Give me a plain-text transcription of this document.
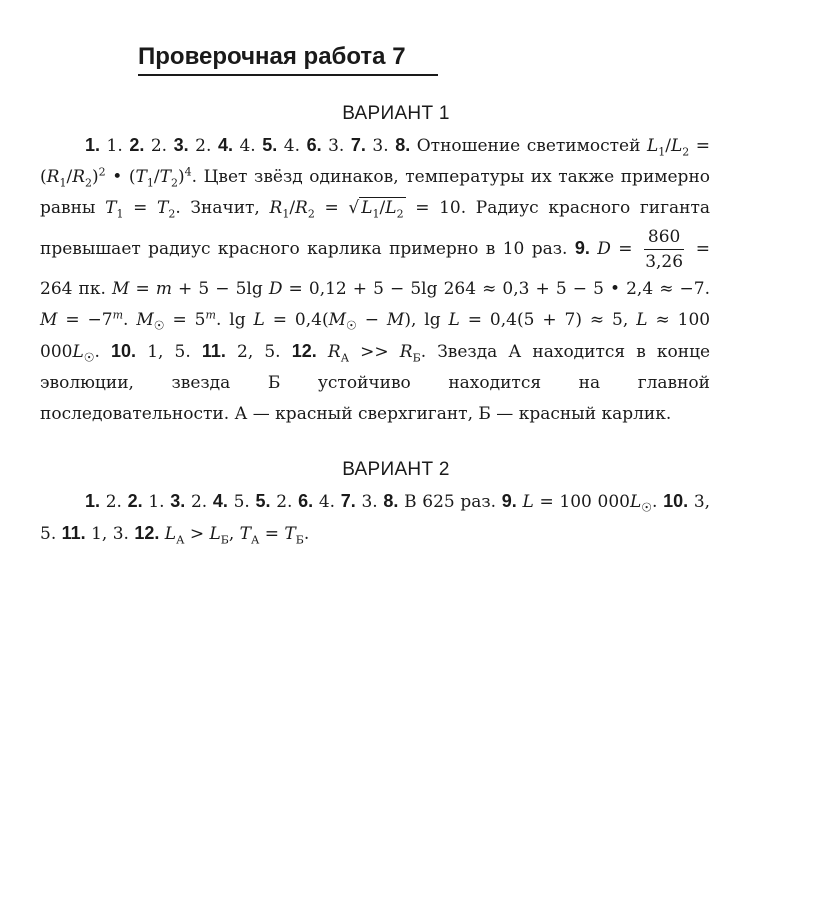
Проверочная работа 7
ВАРИАНТ 1
1. 1. 2. 2. 3. 2. 4. 4. 5. 4. 6. 3. 7. 3. 8. Отношение светимостей $L_1/L_2 = (R_1/R_2)^2$ • $(T_1/T_2)^4$. Цвет звёзд одинаков, температуры их также примерно равны $T_1 = T_2$. Значит, $R_1/R_2$ = √ $L_1/L_2 = 10$. Радиус красного гиганта превышает радиус красного карлика примерно в 10 раз. 9. $D = \frac{860}{3,26} = 264$ пк. M = m + 5 − 5lg D = 0,12 + 5 − 5lg 264 ≈ 0,3 + 5 − 5 • 2,4 ≈ −7. $M = -7^m$. $M_☉ = 5^m$. $\lg L = 0,4(M_☉ - M)$, lg L = 0,4(5 + 7) ≈ 5, L ≈ 100 $000L_☉$. 10. 1, 5. 11. 2, 5. 12. $R_А >> R_Б$. Звезда А находится в конце эволюции, звезда Б устойчиво находится на главной последовательности. А — красный сверхгигант, Б — красный карлик.
ВАРИАНТ 2
1. 2. 2. 1. 3. 2. 4. 5. 5. 2. 6. 4. 7. 3. 8. В 625 раз. 9. L = 100 $000L_☉$. 10. 3, 5. 11. 1, 3. 12. $L_А > L_Б$, $T_А = T_Б$.
